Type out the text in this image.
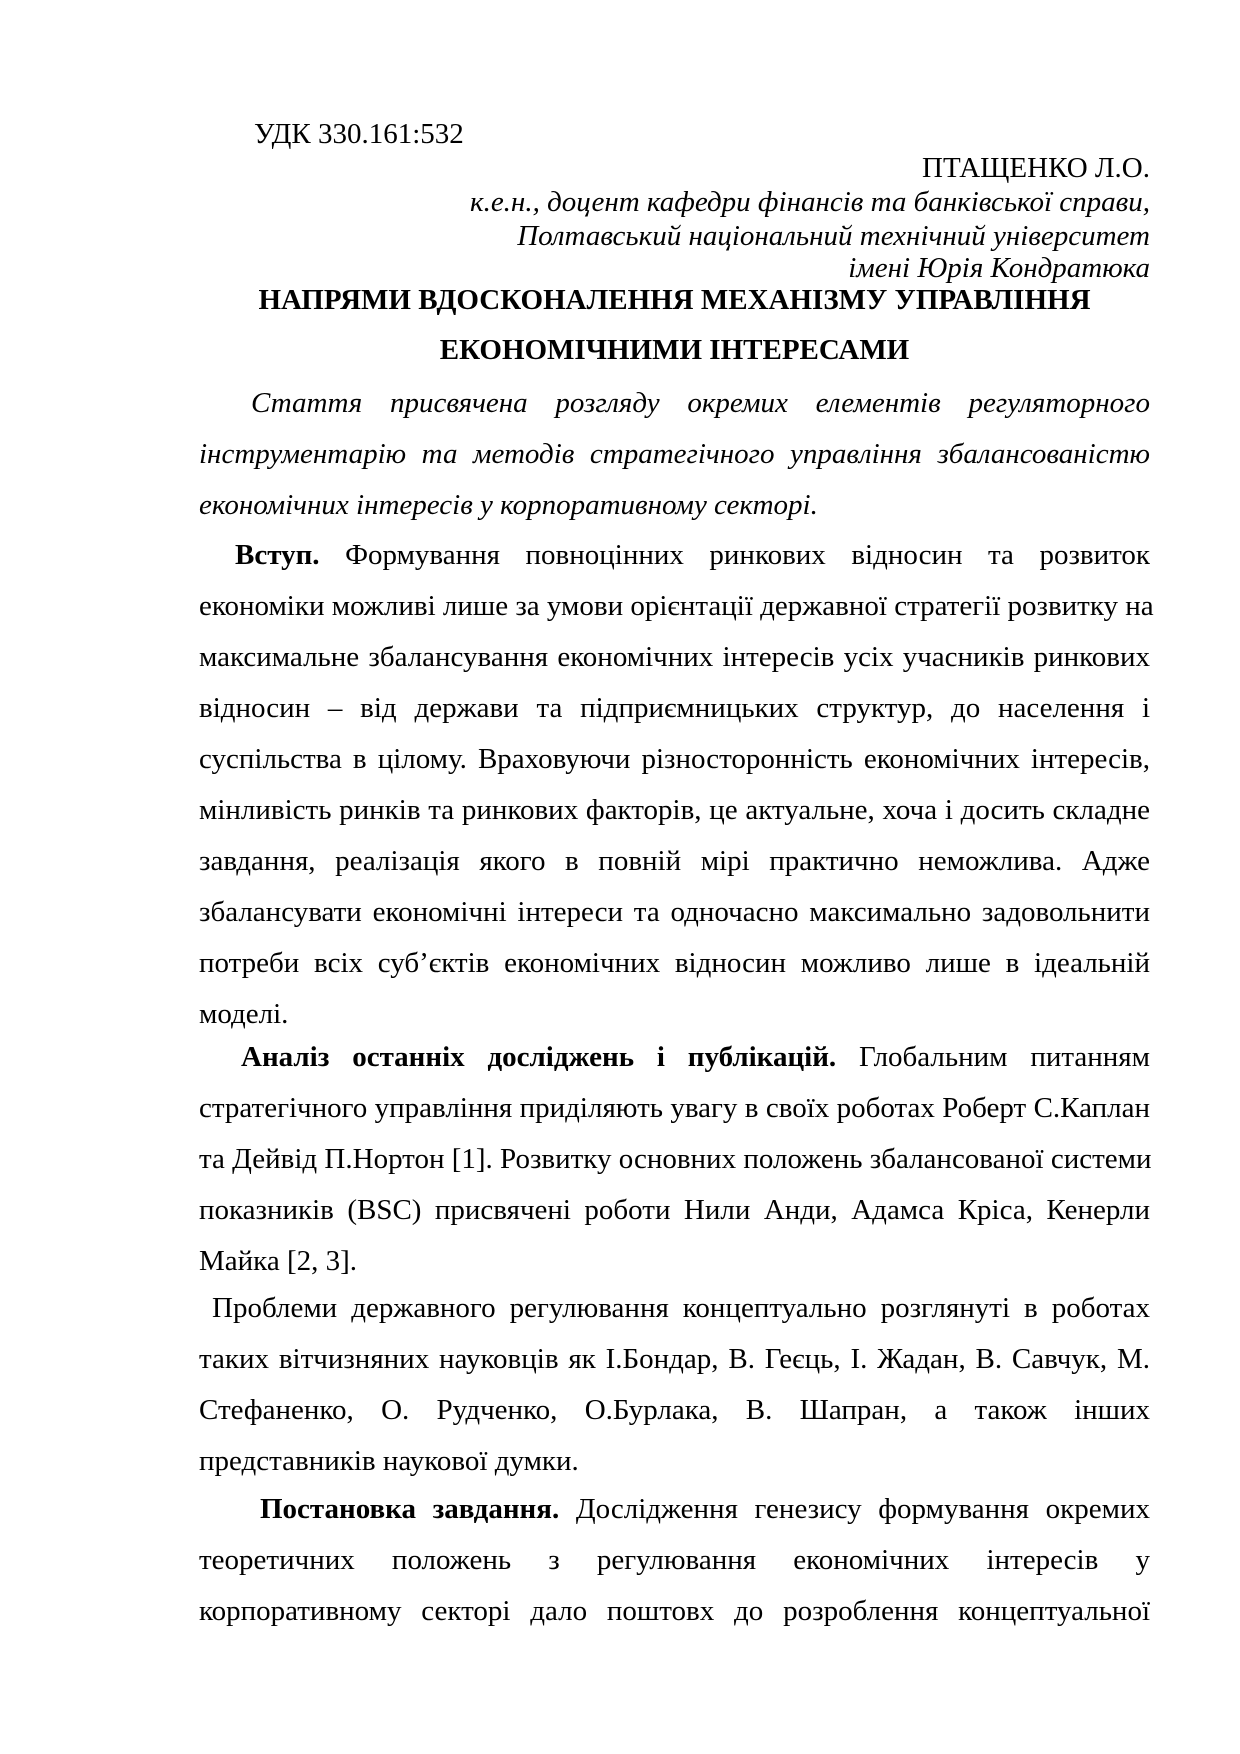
УДК 330.161:532
ПТАЩЕНКО Л.О.
к.е.н., доцент кафедри фінансів та банківської справи,
Полтавський національний технічний університет
імені Юрія Кондратюка
НАПРЯМИ ВДОСКОНАЛЕННЯ МЕХАНІЗМУ УПРАВЛІННЯ
ЕКОНОМІЧНИМИ ІНТЕРЕСАМИ
Стаття присвячена розгляду окремих елементів регуляторного
інструментарію та методів стратегічного управління збалансованістю
економічних інтересів у корпоративному секторі.
Вступ. Формування повноцінних ринкових відносин та розвиток
економіки можливі лише за умови орієнтації державної стратегії розвитку на
максимальне збалансування економічних інтересів усіх учасників ринкових
відносин – від держави та підприємницьких структур, до населення і
суспільства в цілому. Враховуючи різносторонність економічних інтересів,
мінливість ринків та ринкових факторів, це актуальне, хоча і досить складне
завдання, реалізація якого в повній мірі практично неможлива. Адже
збалансувати економічні інтереси та одночасно максимально задовольнити
потреби всіх суб’єктів економічних відносин можливо лише в ідеальній
моделі.
Аналіз останніх досліджень і публікацій. Глобальним питанням
стратегічного управління приділяють увагу в своїх роботах Роберт С.Каплан
та Дейвід П.Нортон [1]. Розвитку основних положень збалансованої системи
показників (BSC) присвячені роботи Нили Анди, Адамса Кріса, Кенерли
Майка [2, 3].
Проблеми державного регулювання концептуально розглянуті в роботах
таких вітчизняних науковців як І.Бондар, В. Геєць, І. Жадан, В. Савчук, М.
Стефаненко, О. Рудченко, О.Бурлака, В. Шапран, а також інших
представників наукової думки.
Постановка завдання. Дослідження генезису формування окремих
теоретичних положень з регулювання економічних інтересів у
корпоративному секторі дало поштовх до розроблення концептуальної
